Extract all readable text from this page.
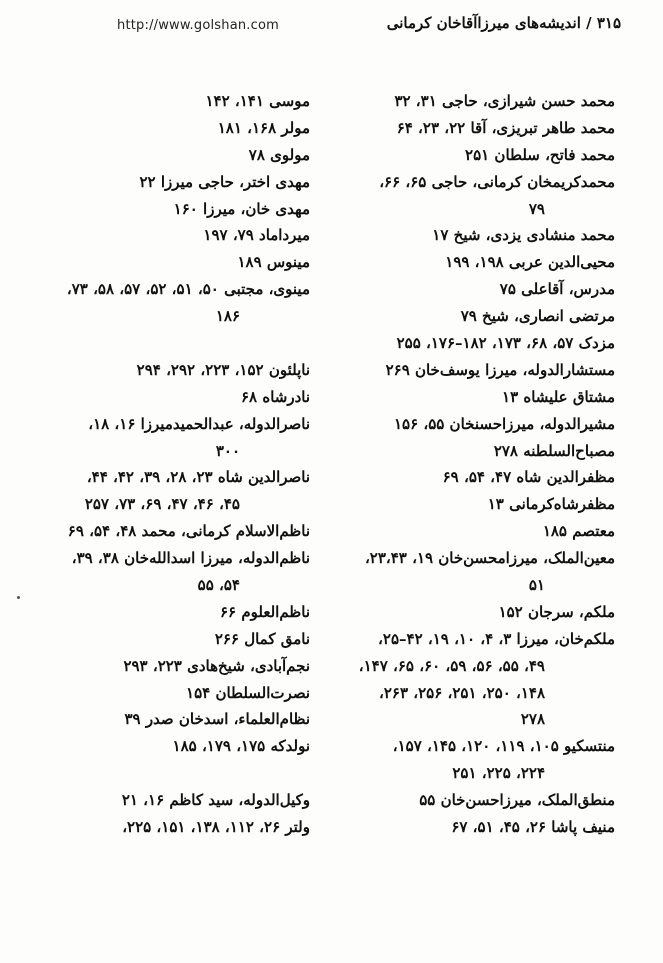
http://www.golshan.com	۳۱۵ / اندیشه‌های میرزاآقاخان کرمانی
محمد حسن شیرازی، حاجی ۳۱، ۳۲
محمد طاهر تبریزی، آقا ۲۲، ۲۳، ۶۴
محمد فاتح، سلطان ۲۵۱
محمدکریمخان کرمانی، حاجی ۶۵، ۶۶،
۷۹
محمد منشادی یزدی، شیخ ۱۷
محیی‌الدین عربی ۱۹۸، ۱۹۹
مدرس، آقاعلی ۷۵
مرتضی انصاری، شیخ ۷۹
مزدک ۵۷، ۶۸، ۱۷۳، ۱۸۲–۱۷۶، ۲۵۵
مستشارالدوله، میرزا یوسف‌خان ۲۶۹
مشتاق علیشاه ۱۳
مشیرالدوله، میرزاحسنخان ۵۵، ۱۵۶
مصباح‌السلطنه ۲۷۸
مظفرالدین شاه ۴۷، ۵۴، ۶۹
مظفرشاه‌کرمانی ۱۳
معتصم ۱۸۵
معین‌الملک، میرزامحسن‌خان ۱۹، ۲۳،۴۳،
۵۱
ملکم، سرجان ۱۵۲
ملکم‌خان، میرزا ۳، ۴، ۱۰، ۱۹، ۴۲–۲۵،
۴۹، ۵۵، ۵۶، ۵۹، ۶۰، ۶۵، ۱۴۷،
۱۴۸، ۲۵۰، ۲۵۱، ۲۵۶، ۲۶۳،
۲۷۸
منتسکیو ۱۰۵، ۱۱۹، ۱۲۰، ۱۴۵، ۱۵۷،
۲۲۴، ۲۲۵، ۲۵۱
منطق‌الملک، میرزاحسن‌خان ۵۵
منیف پاشا ۲۶، ۴۵، ۵۱، ۶۷
موسی ۱۴۱، ۱۴۲
مولر ۱۶۸، ۱۸۱
مولوی ۷۸
مهدی اختر، حاجی میرزا ۲۲
مهدی خان، میرزا ۱۶۰
میرداماد ۷۹، ۱۹۷
مینوس ۱۸۹
مینوی، مجتبی ۵۰، ۵۱، ۵۲، ۵۷، ۵۸، ۷۳،
۱۸۶
ناپلئون ۱۵۲، ۲۲۳، ۲۹۲، ۲۹۴
نادرشاه ۶۸
ناصرالدوله، عبدالحمیدمیرزا ۱۶، ۱۸،
۳۰۰
ناصرالدین شاه ۲۳، ۲۸، ۳۹، ۴۲، ۴۴،
۴۵، ۴۶، ۴۷، ۶۹، ۷۳، ۲۵۷
ناظم‌الاسلام کرمانی، محمد ۴۸، ۵۴، ۶۹
ناظم‌الدوله، میرزا اسدالله‌خان ۳۸، ۳۹،
۵۴، ۵۵
ناظم‌العلوم ۶۶
نامق کمال ۲۶۶
نجم‌آبادی، شیخ‌هادی ۲۲۳، ۲۹۳
نصرت‌السلطان ۱۵۴
نظام‌العلماء، اسدخان صدر ۳۹
نولدکه ۱۷۵، ۱۷۹، ۱۸۵
وکیل‌الدوله، سید کاظم ۱۶، ۲۱
ولتر ۲۶، ۱۱۲، ۱۳۸، ۱۵۱، ۲۲۵،
